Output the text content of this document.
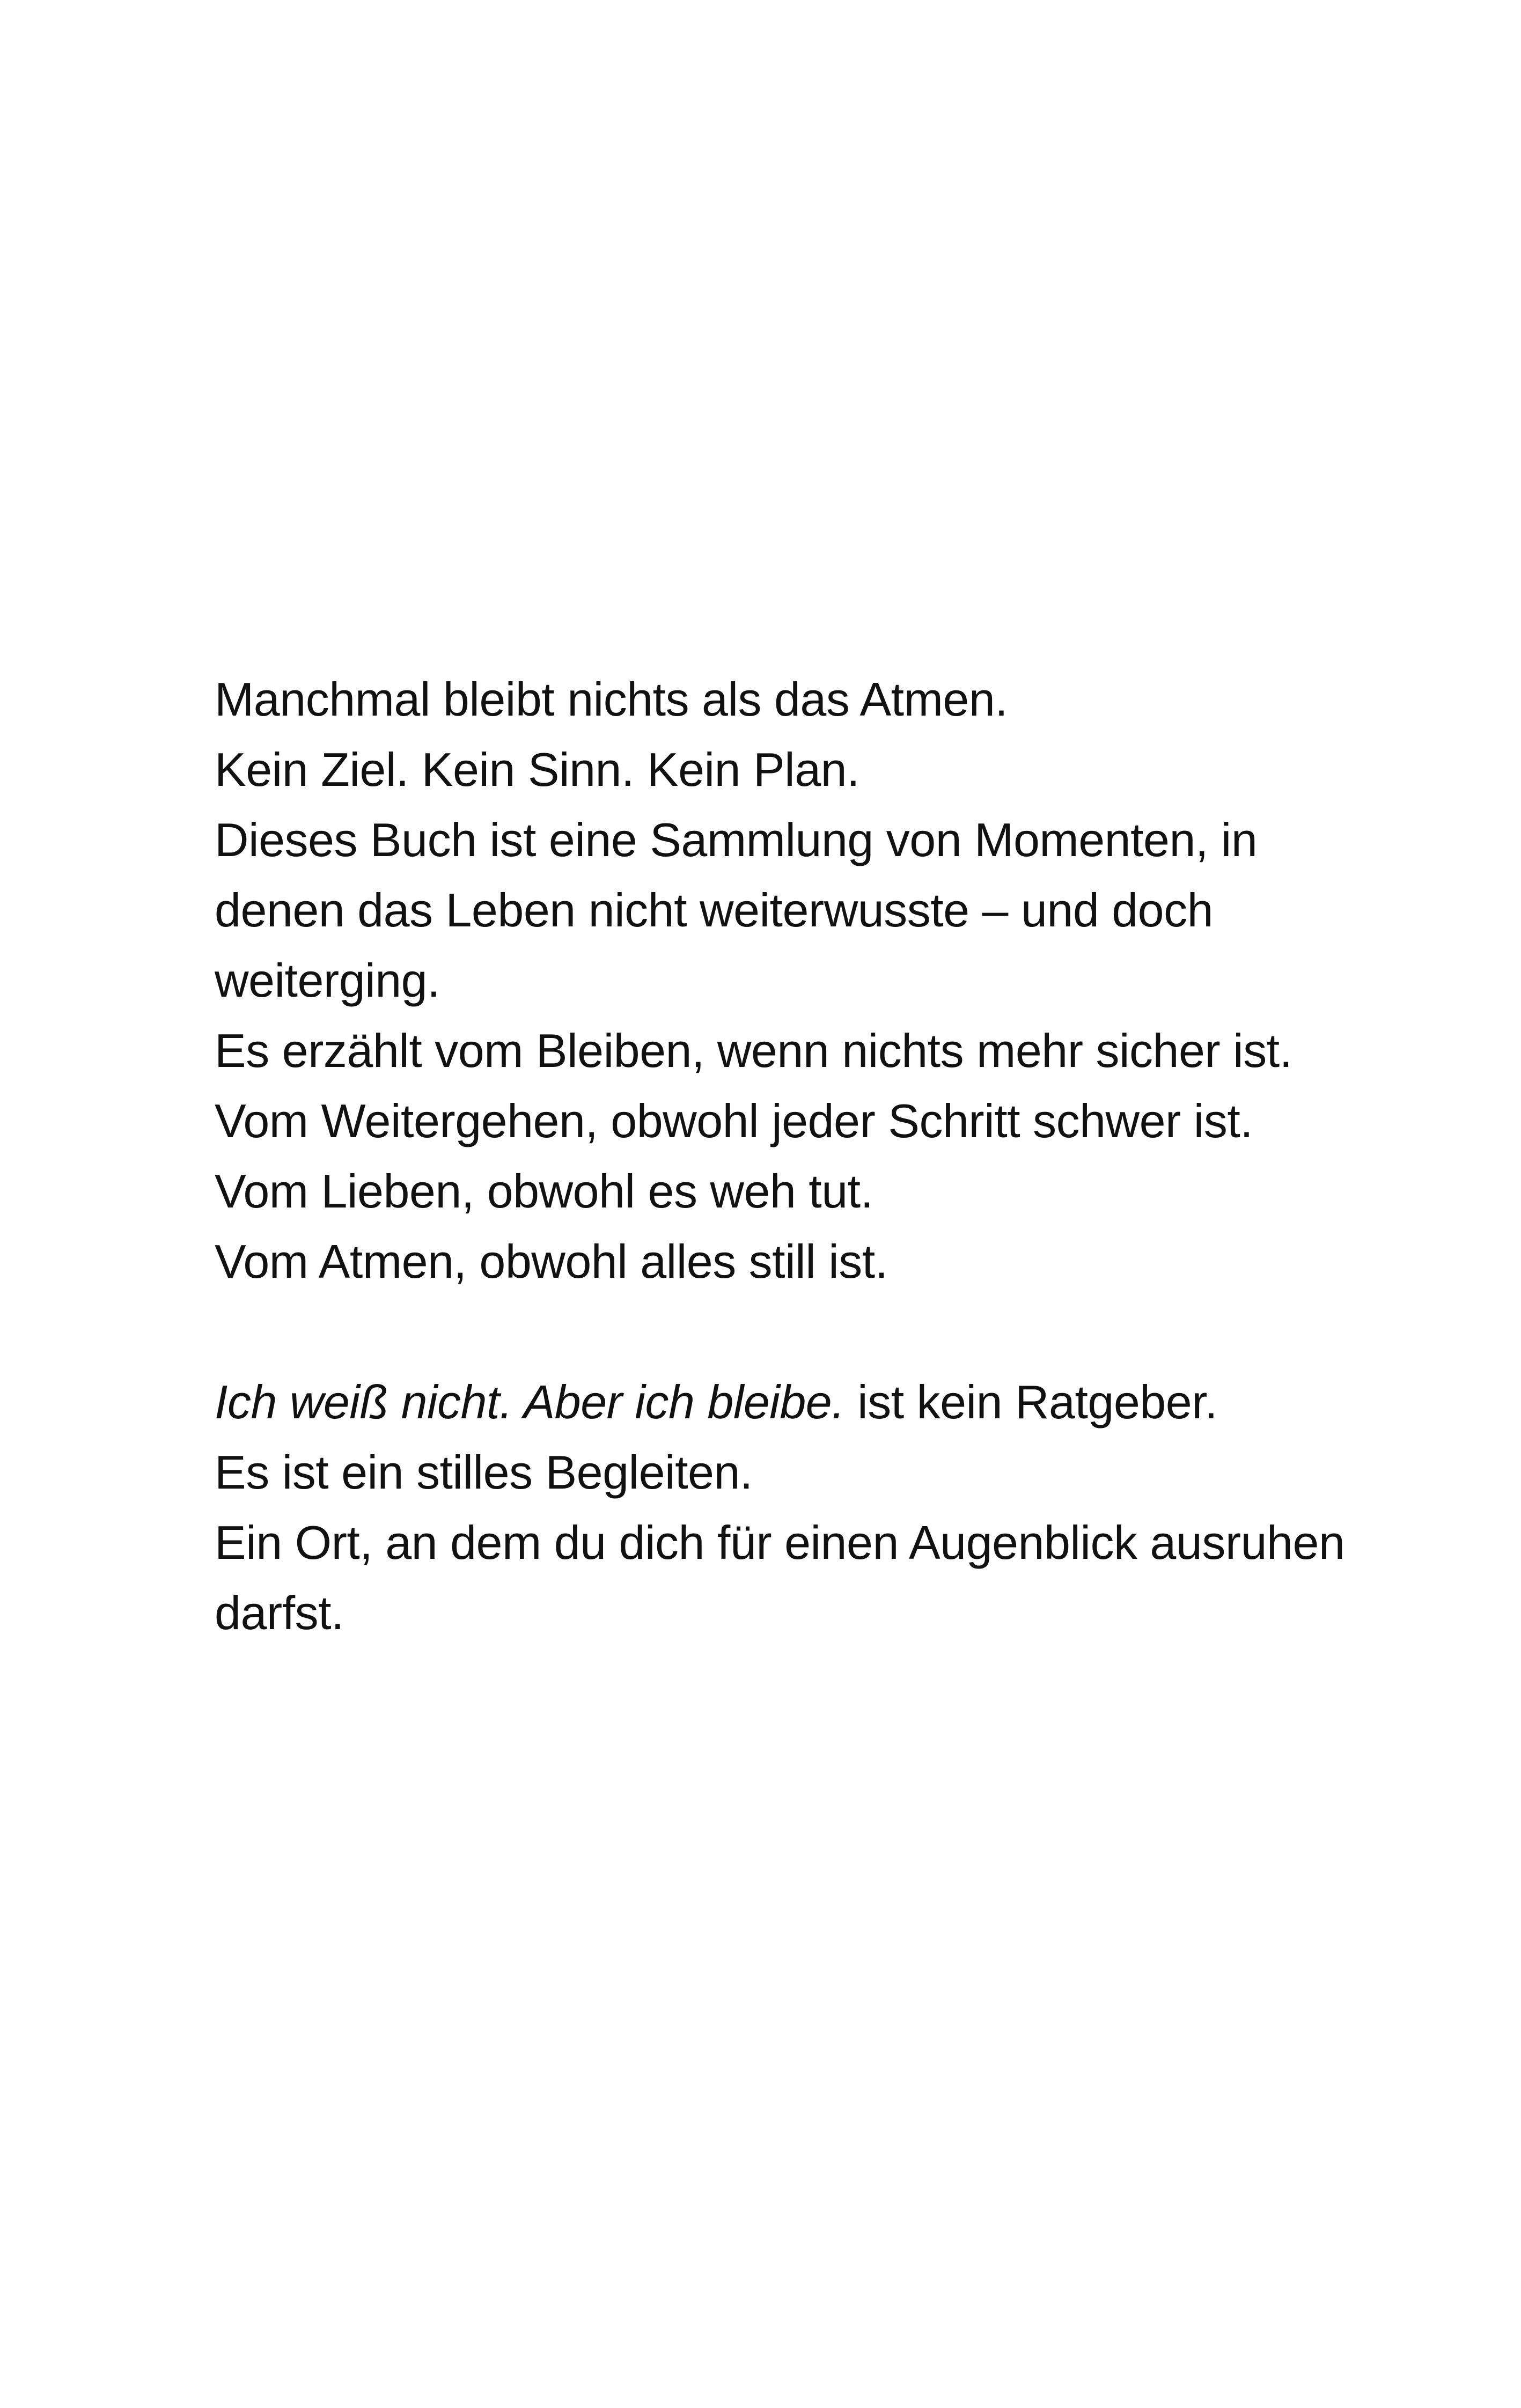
Manchmal bleibt nichts als das Atmen.
Kein Ziel. Kein Sinn. Kein Plan.
Dieses Buch ist eine Sammlung von Momenten, in
denen das Leben nicht weiterwusste – und doch
weiterging.
Es erzählt vom Bleiben, wenn nichts mehr sicher ist.
Vom Weitergehen, obwohl jeder Schritt schwer ist.
Vom Lieben, obwohl es weh tut.
Vom Atmen, obwohl alles still ist.
Ich weiß nicht. Aber ich bleibe. ist kein Ratgeber.
Es ist ein stilles Begleiten.
Ein Ort, an dem du dich für einen Augenblick ausruhen
darfst.
